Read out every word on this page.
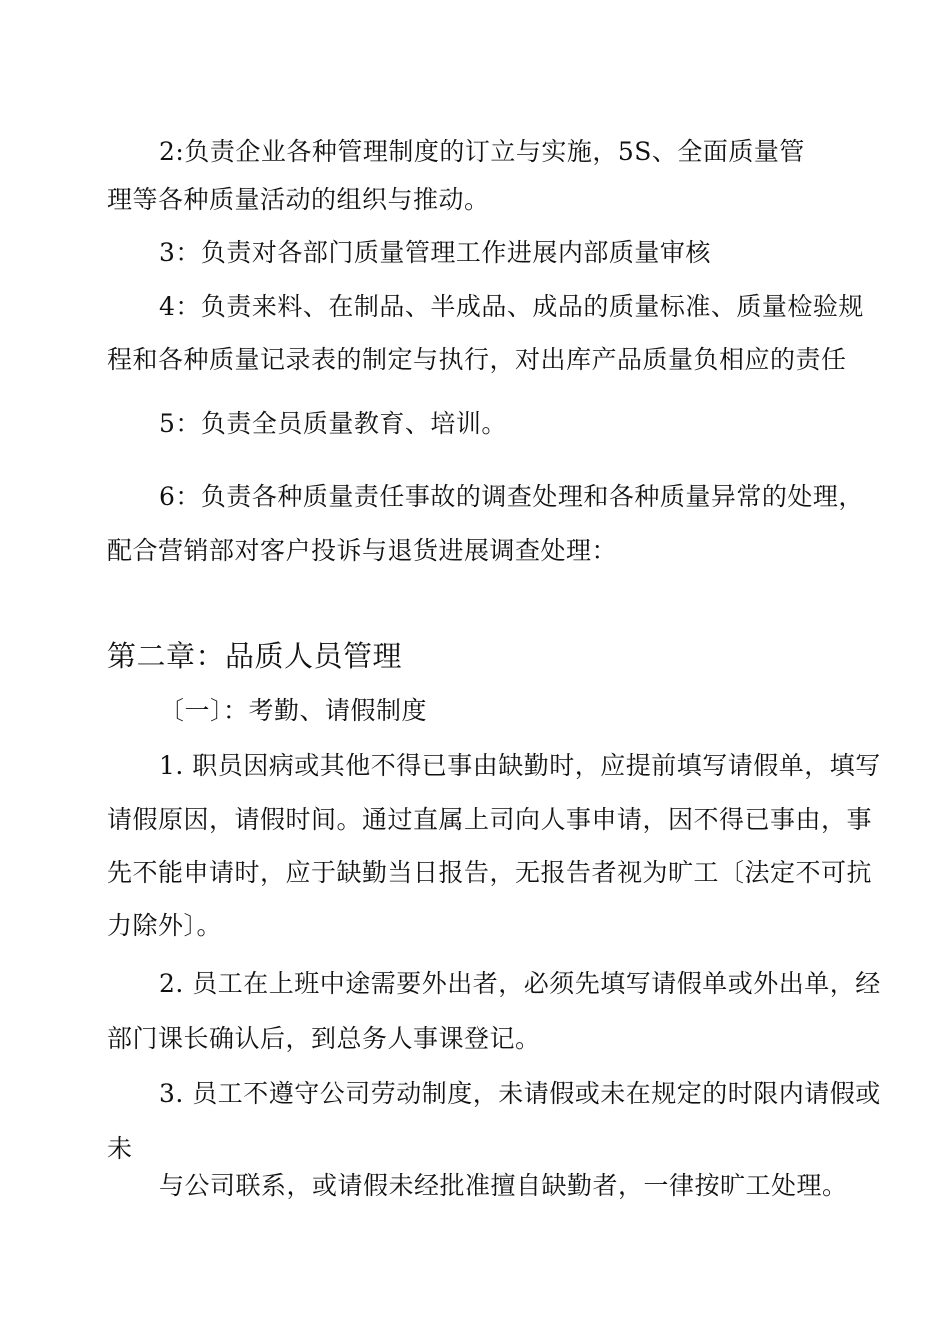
2:负责企业各种管理制度的订立与实施，5S、全面质量管

理等各种质量活动的组织与推动。

3：负责对各部门质量管理工作进展内部质量审核

4：负责来料、在制品、半成品、成品的质量标准、质量检验规

程和各种质量记录表的制定与执行，对出库产品质量负相应的责任

5：负责全员质量教育、培训。

6：负责各种质量责任事故的调查处理和各种质量异常的处理，

配合营销部对客户投诉与退货进展调查处理：

第二章：品质人员管理

〔一〕：考勤、请假制度

1. 职员因病或其他不得已事由缺勤时，应提前填写请假单，填写

请假原因，请假时间。通过直属上司向人事申请，因不得已事由，事

先不能申请时，应于缺勤当日报告，无报告者视为旷工〔法定不可抗

力除外〕。

2. 员工在上班中途需要外出者，必须先填写请假单或外出单，经

部门课长确认后，到总务人事课登记。

3. 员工不遵守公司劳动制度，未请假或未在规定的时限内请假或

未

与公司联系，或请假未经批准擅自缺勤者，一律按旷工处理。
